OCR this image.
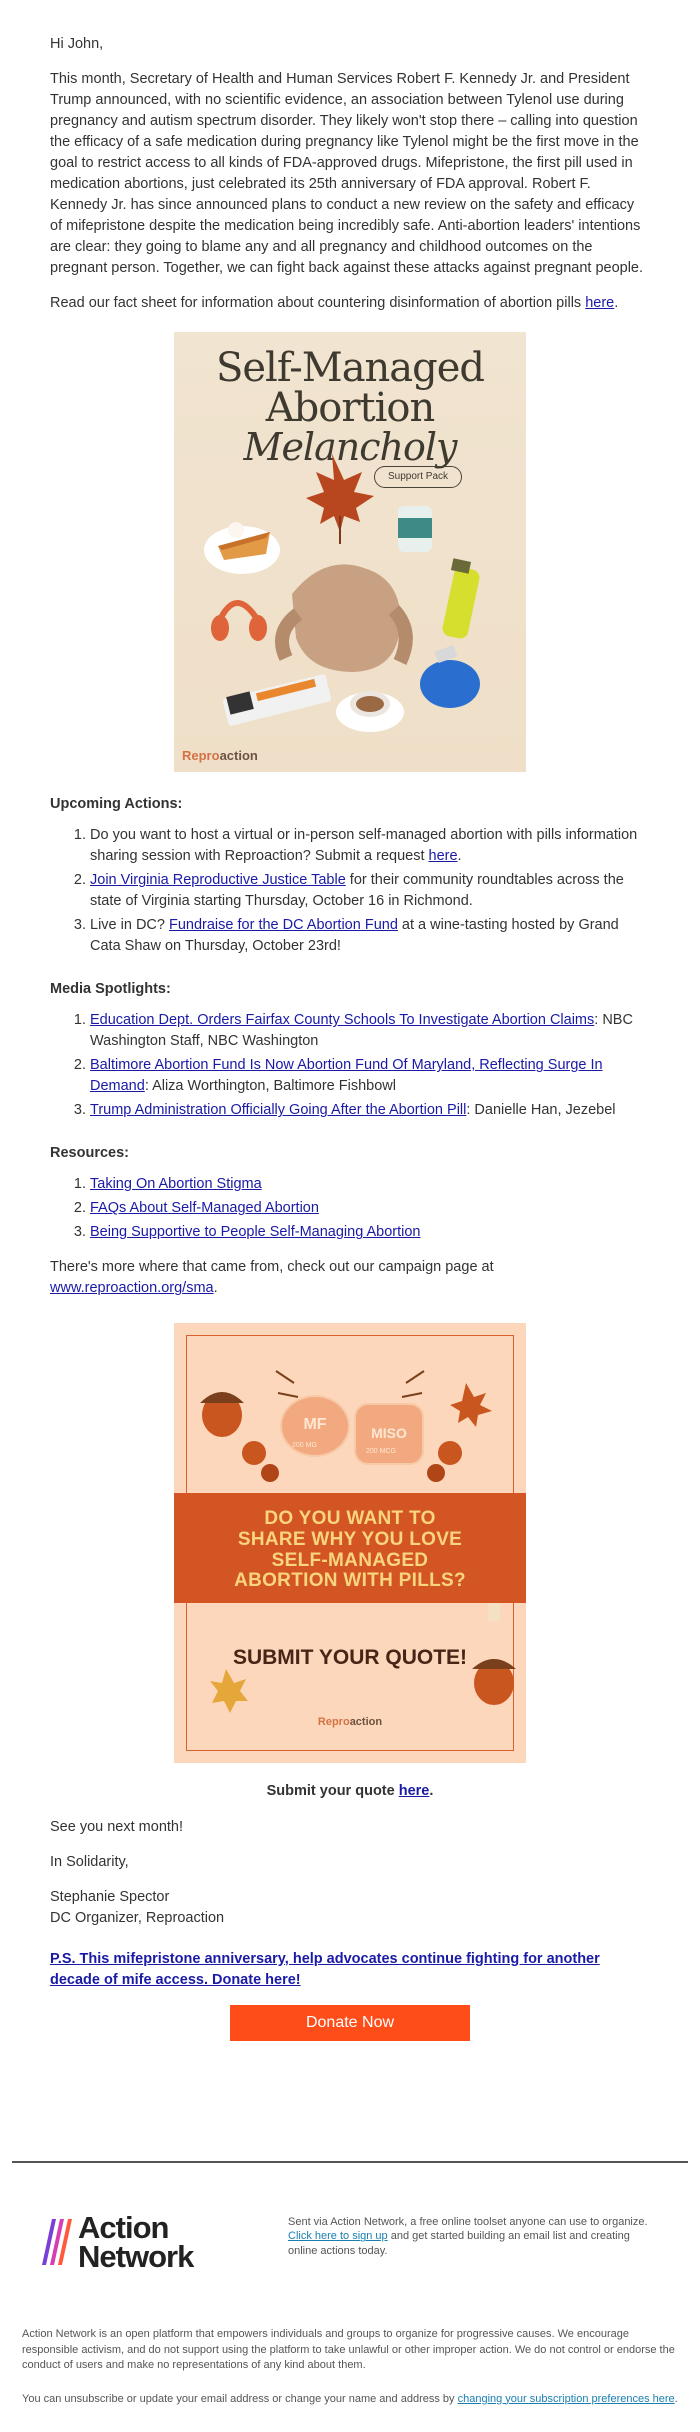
Hi John,

This month, Secretary of Health and Human Services Robert F. Kennedy Jr. and President Trump announced, with no scientific evidence, an association between Tylenol use during pregnancy and autism spectrum disorder. They likely won't stop there – calling into question the efficacy of a safe medication during pregnancy like Tylenol might be the first move in the goal to restrict access to all kinds of FDA-approved drugs. Mifepristone, the first pill used in medication abortions, just celebrated its 25th anniversary of FDA approval. Robert F. Kennedy Jr. has since announced plans to conduct a new review on the safety and efficacy of mifepristone despite the medication being incredibly safe. Anti-abortion leaders' intentions are clear: they going to blame any and all pregnancy and childhood outcomes on the pregnant person. Together, we can fight back against these attacks against pregnant people.

Read our fact sheet for information about countering disinformation of abortion pills here.

Self-Managed
Abortion
Melancholy
Support Pack
Reproaction

Upcoming Actions:

1. Do you want to host a virtual or in-person self-managed abortion with pills information sharing session with Reproaction? Submit a request here.
2. Join Virginia Reproductive Justice Table for their community roundtables across the state of Virginia starting Thursday, October 16 in Richmond.
3. Live in DC? Fundraise for the DC Abortion Fund at a wine-tasting hosted by Grand Cata Shaw on Thursday, October 23rd!

Media Spotlights:

1. Education Dept. Orders Fairfax County Schools To Investigate Abortion Claims: NBC Washington Staff, NBC Washington
2. Baltimore Abortion Fund Is Now Abortion Fund Of Maryland, Reflecting Surge In Demand: Aliza Worthington, Baltimore Fishbowl
3. Trump Administration Officially Going After the Abortion Pill: Danielle Han, Jezebel

Resources:

1. Taking On Abortion Stigma
2. FAQs About Self-Managed Abortion
3. Being Supportive to People Self-Managing Abortion

There's more where that came from, check out our campaign page at www.reproaction.org/sma.

MF	MISO
200 MG
200 MCG
DO YOU WANT TO SHARE WHY YOU LOVE SELF-MANAGED ABORTION WITH PILLS?
SUBMIT YOUR QUOTE!
Reproaction

Submit your quote here.

See you next month!

In Solidarity,

Stephanie Spector

DC Organizer, Reproaction

P.S. This mifepristone anniversary, help advocates continue fighting for another decade of mife access. Donate here!

Donate Now
Action
Network
Sent via Action Network, a free online toolset anyone can use to organize.
Click here to sign up and get started building an email list and creating online actions today.

Action Network is an open platform that empowers individuals and groups to organize for progressive causes. We encourage responsible activism, and do not support using the platform to take unlawful or other improper action. We do not control or endorse the conduct of users and make no representations of any kind about them.

You can unsubscribe or update your email address or change your name and address by changing your subscription preferences here.
